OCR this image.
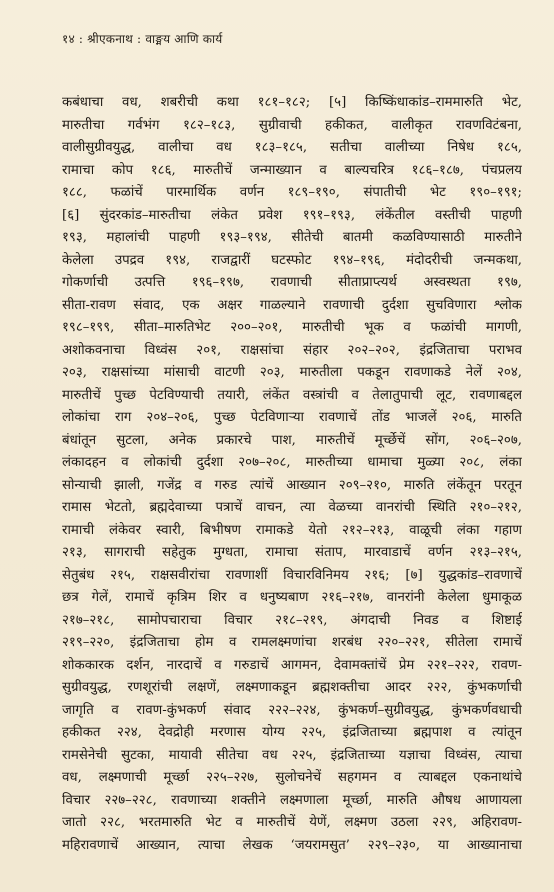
१४ : श्रीएकनाथ : वाङ्मय आणि कार्य
कबंधाचा वध, शबरीची कथा १८१–१८२; [५] किष्किंधाकांड–राममारुति भेट,
मारुतीचा गर्वभंग १८२–१८३, सुग्रीवाची हकीकत, वालीकृत रावणविटंबना,
वालीसुग्रीवयुद्ध, वालीचा वध १८३–१८५, सतीचा वालीच्या निषेध १८५,
रामाचा कोप १८६, मारुतीचें जन्माख्यान व बाल्यचरित्र १८६–१८७, पंचप्रलय
१८८, फळांचें पारमार्थिक वर्णन १८९–१९०, संपातीची भेट १९०–१९१;
[६] सुंदरकांड–मारुतीचा लंकेत प्रवेश १९१–१९३, लंकेंतील वस्तीची पाहणी
१९३, महालांची पाहणी १९३–१९४, सीतेची बातमी कळविण्यासाठी मारुतीने
केलेला उपद्रव १९४, राजद्वारीं घटस्फोट १९४–१९६, मंदोदरीची जन्मकथा,
गोकर्णाची उत्पत्ति १९६–१९७, रावणाची सीताप्राप्त्यर्थ अस्वस्थता १९७,
सीता-रावण संवाद, एक अक्षर गाळल्याने रावणाची दुर्दशा सुचविणारा श्लोक
१९८–१९९, सीता–मारुतिभेट २००–२०१, मारुतीची भूक व फळांची मागणी,
अशोकवनाचा विध्वंस २०१, राक्षसांचा संहार २०२–२०२, इंद्रजिताचा पराभव
२०३, राक्षसांच्या मांसाची वाटणी २०३, मारुतीला पकडून रावणाकडे नेलें २०४,
मारुतीचें पुच्छ पेटविण्याची तयारी, लंकेंत वस्त्रांची व तेलातुपाची लूट, रावणाबद्दल
लोकांचा राग २०४–२०६, पुच्छ पेटविणाऱ्या रावणाचें तोंड भाजलें २०६, मारुति
बंधांतून सुटला, अनेक प्रकारचे पाश, मारुतीचें मूर्च्छेचें सोंग, २०६–२०७,
लंकादहन व लोकांची दुर्दशा २०७–२०८, मारुतीच्या धामाचा मुळ्या २०८, लंका
सोन्याची झाली, गजेंद्र व गरुड त्यांचें आख्यान २०९–२१०, मारुति लंकेंतून परतून
रामास भेटतो, ब्रह्मदेवाच्या पत्राचें वाचन, त्या वेळच्या वानरांची स्थिति २१०–२१२,
रामाची लंकेवर स्वारी, बिभीषण रामाकडे येतो २१२–२१३, वाळूची लंका गहाण
२१३, सागराची सहेतुक मुग्धता, रामाचा संताप, मारवाडाचें वर्णन २१३–२१५,
सेतुबंध २१५, राक्षसवीरांचा रावणाशीं विचारविनिमय २१६; [७] युद्धकांड–रावणाचें
छत्र गेलें, रामाचें कृत्रिम शिर व धनुष्यबाण २१६–२१७, वानरांनी केलेला धुमाकूळ
२१७–२१८, सामोपचाराचा विचार २१८–२१९, अंगदाची निवड व शिष्टाई
२१९–२२०, इंद्रजिताचा होम व रामलक्ष्मणांचा शरबंध २२०–२२१, सीतेला रामाचें
शोककारक दर्शन, नारदाचें व गरुडाचें आगमन, देवामक्तांचें प्रेम २२१–२२२, रावण-
सुग्रीवयुद्ध, रणशूरांची लक्षणें, लक्ष्मणाकडून ब्रह्मशक्तीचा आदर २२२, कुंभकर्णाची
जागृति व रावण-कुंभकर्ण संवाद २२२–२२४, कुंभकर्ण–सुग्रीवयुद्ध, कुंभकर्णवधाची
हकीकत २२४, देवद्रोही मरणास योग्य २२५, इंद्रजिताच्या ब्रह्मपाश व त्यांतून
रामसेनेची सुटका, मायावी सीतेचा वध २२५, इंद्रजिताच्या यज्ञाचा विध्वंस, त्याचा
वध, लक्ष्मणाची मूर्च्छा २२५–२२७, सुलोचनेचें सहगमन व त्याबद्दल एकनाथांचे
विचार २२७–२२८, रावणाच्या शक्तीने लक्ष्मणाला मूर्च्छा, मारुति औषध आणायला
जातो २२८, भरतमारुति भेट व मारुतीचें येणें, लक्ष्मण उठला २२९, अहिरावण-
महिरावणाचें आख्यान, त्याचा लेखक ‘जयरामसुत’ २२९–२३०, या आख्यानाचा
